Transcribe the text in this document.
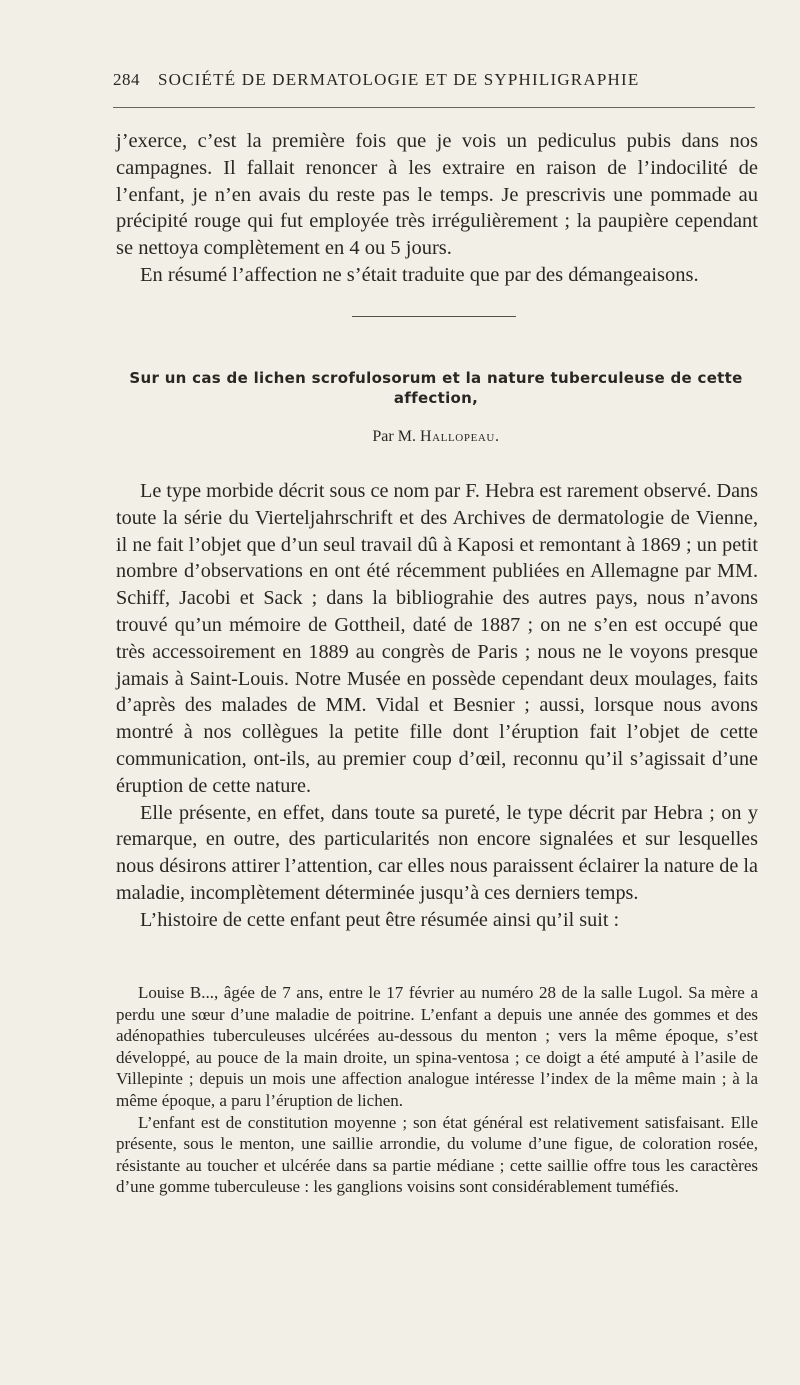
284 SOCIÉTÉ DE DERMATOLOGIE ET DE SYPHILIGRAPHIE

j’exerce, c’est la première fois que je vois un pediculus pubis dans nos campagnes. Il fallait renoncer à les extraire en raison de l’indocilité de l’enfant, je n’en avais du reste pas le temps. Je prescrivis une pommade au précipité rouge qui fut employée très irrégulièrement ; la paupière cependant se nettoya complètement en 4 ou 5 jours.

En résumé l’affection ne s’était traduite que par des démangeaisons.

Sur un cas de lichen scrofulosorum et la nature tuberculeuse de cette affection,
Par M. Hallopeau.

Le type morbide décrit sous ce nom par F. Hebra est rarement observé. Dans toute la série du Vierteljahrschrift et des Archives de dermatologie de Vienne, il ne fait l’objet que d’un seul travail dû à Kaposi et remontant à 1869 ; un petit nombre d’observations en ont été récemment publiées en Allemagne par MM. Schiff, Jacobi et Sack ; dans la bibliograhie des autres pays, nous n’avons trouvé qu’un mémoire de Gottheil, daté de 1887 ; on ne s’en est occupé que très accessoirement en 1889 au congrès de Paris ; nous ne le voyons presque jamais à Saint-Louis. Notre Musée en possède cependant deux moulages, faits d’après des malades de MM. Vidal et Besnier ; aussi, lorsque nous avons montré à nos collègues la petite fille dont l’éruption fait l’objet de cette communication, ont-ils, au premier coup d’œil, reconnu qu’il s’agissait d’une éruption de cette nature.

Elle présente, en effet, dans toute sa pureté, le type décrit par Hebra ; on y remarque, en outre, des particularités non encore signalées et sur lesquelles nous désirons attirer l’attention, car elles nous paraissent éclairer la nature de la maladie, incomplètement déterminée jusqu’à ces derniers temps.

L’histoire de cette enfant peut être résumée ainsi qu’il suit :

Louise B..., âgée de 7 ans, entre le 17 février au numéro 28 de la salle Lugol. Sa mère a perdu une sœur d’une maladie de poitrine. L’enfant a depuis une année des gommes et des adénopathies tuberculeuses ulcérées au-dessous du menton ; vers la même époque, s’est développé, au pouce de la main droite, un spina-ventosa ; ce doigt a été amputé à l’asile de Villepinte ; depuis un mois une affection analogue intéresse l’index de la même main ; à la même époque, a paru l’éruption de lichen.

L’enfant est de constitution moyenne ; son état général est relativement satisfaisant. Elle présente, sous le menton, une saillie arrondie, du volume d’une figue, de coloration rosée, résistante au toucher et ulcérée dans sa partie médiane ; cette saillie offre tous les caractères d’une gomme tuberculeuse : les ganglions voisins sont considérablement tuméfiés.
